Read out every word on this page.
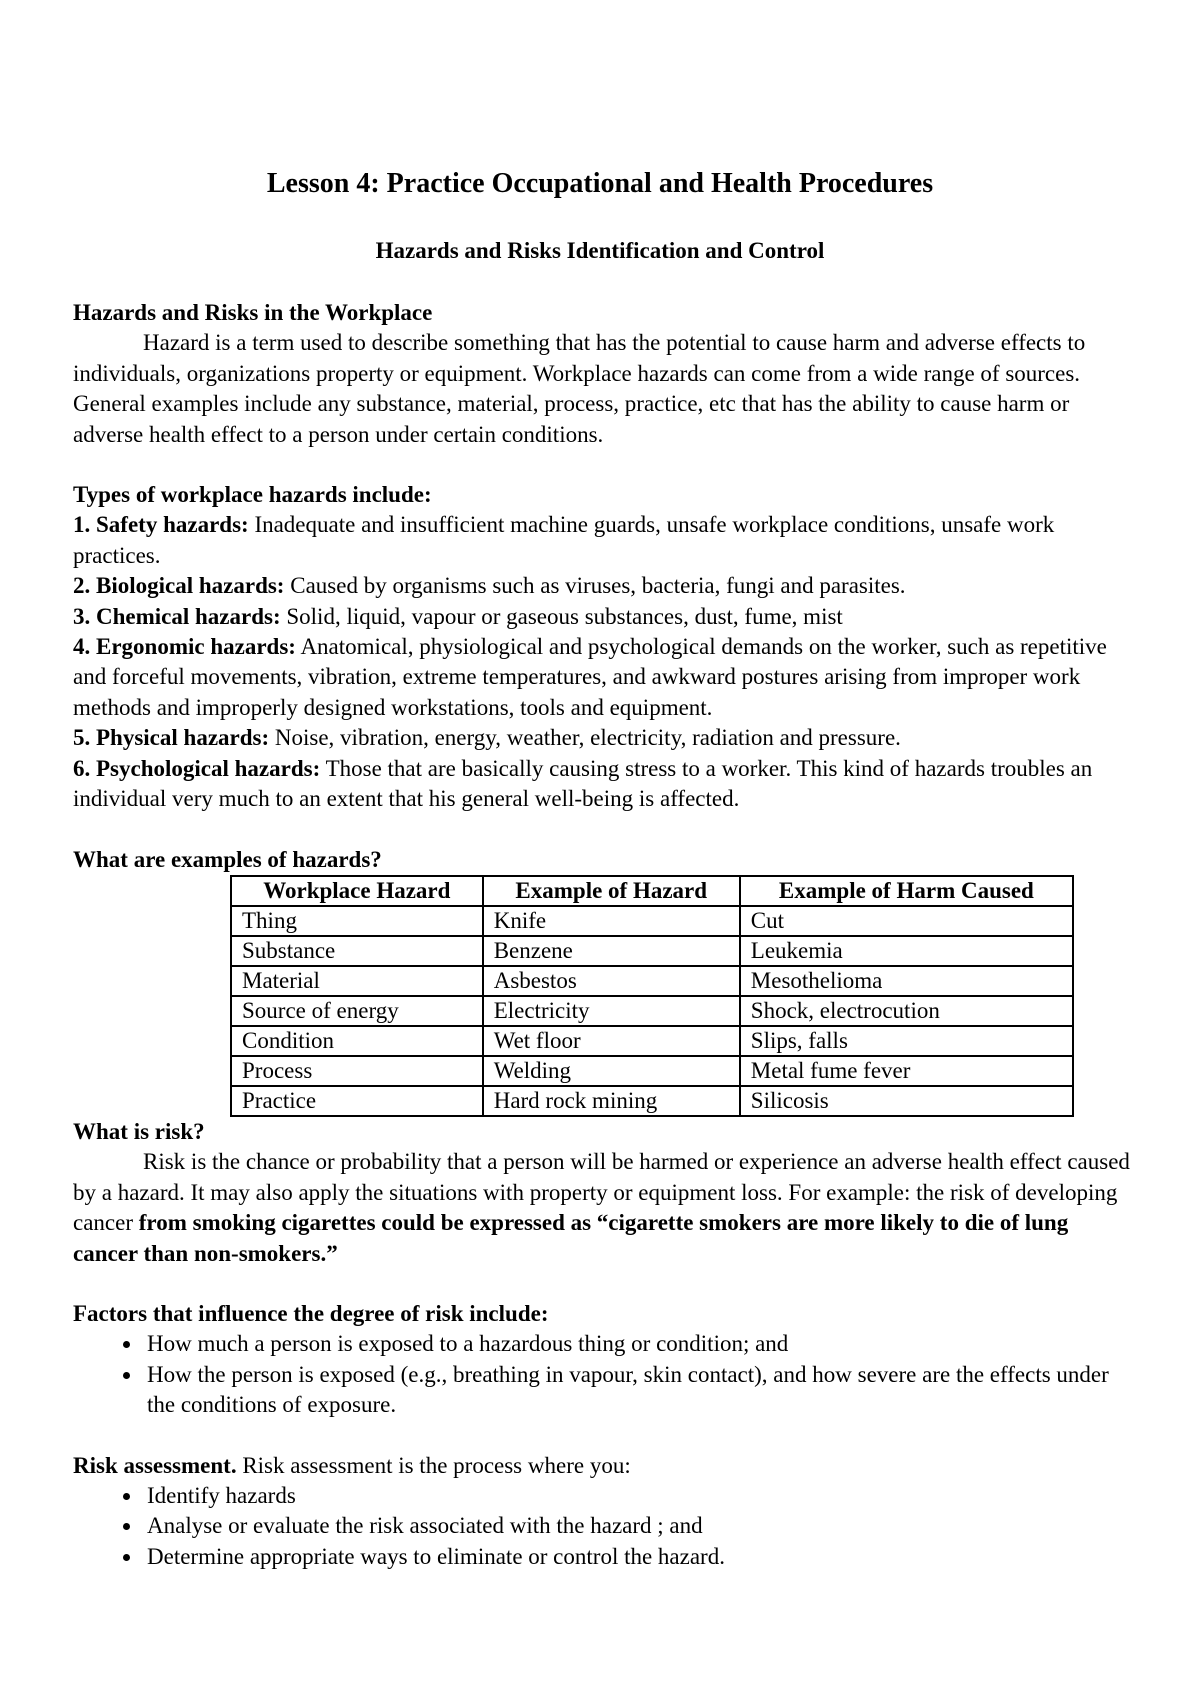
Lesson 4: Practice Occupational and Health Procedures
Hazards and Risks Identification and Control

Hazards and Risks in the Workplace

Hazard is a term used to describe something that has the potential to cause harm and adverse effects to individuals, organizations property or equipment. Workplace hazards can come from a wide range of sources. General examples include any substance, material, process, practice, etc that has the ability to cause harm or adverse health effect to a person under certain conditions.

Types of workplace hazards include:

1. Safety hazards: Inadequate and insufficient machine guards, unsafe workplace conditions, unsafe work practices.

2. Biological hazards: Caused by organisms such as viruses, bacteria, fungi and parasites.

3. Chemical hazards: Solid, liquid, vapour or gaseous substances, dust, fume, mist

4. Ergonomic hazards: Anatomical, physiological and psychological demands on the worker, such as repetitive and forceful movements, vibration, extreme temperatures, and awkward postures arising from improper work methods and improperly designed workstations, tools and equipment.

5. Physical hazards: Noise, vibration, energy, weather, electricity, radiation and pressure.

6. Psychological hazards: Those that are basically causing stress to a worker. This kind of hazards troubles an individual very much to an extent that his general well-being is affected.

What are examples of hazards?

Workplace Hazard	Example of Hazard	Example of Harm Caused
Thing	Knife	Cut
Substance	Benzene	Leukemia
Material	Asbestos	Mesothelioma
Source of energy	Electricity	Shock, electrocution
Condition	Wet floor	Slips, falls
Process	Welding	Metal fume fever
Practice	Hard rock mining	Silicosis

What is risk?

Risk is the chance or probability that a person will be harmed or experience an adverse health effect caused by a hazard. It may also apply the situations with property or equipment loss. For example: the risk of developing cancer from smoking cigarettes could be expressed as “cigarette smokers are more likely to die of lung cancer than non-smokers.”

Factors that influence the degree of risk include:

• How much a person is exposed to a hazardous thing or condition; and
• How the person is exposed (e.g., breathing in vapour, skin contact), and how severe are the effects under the conditions of exposure.

Risk assessment. Risk assessment is the process where you:

• Identify hazards
• Analyse or evaluate the risk associated with the hazard ; and
• Determine appropriate ways to eliminate or control the hazard.
